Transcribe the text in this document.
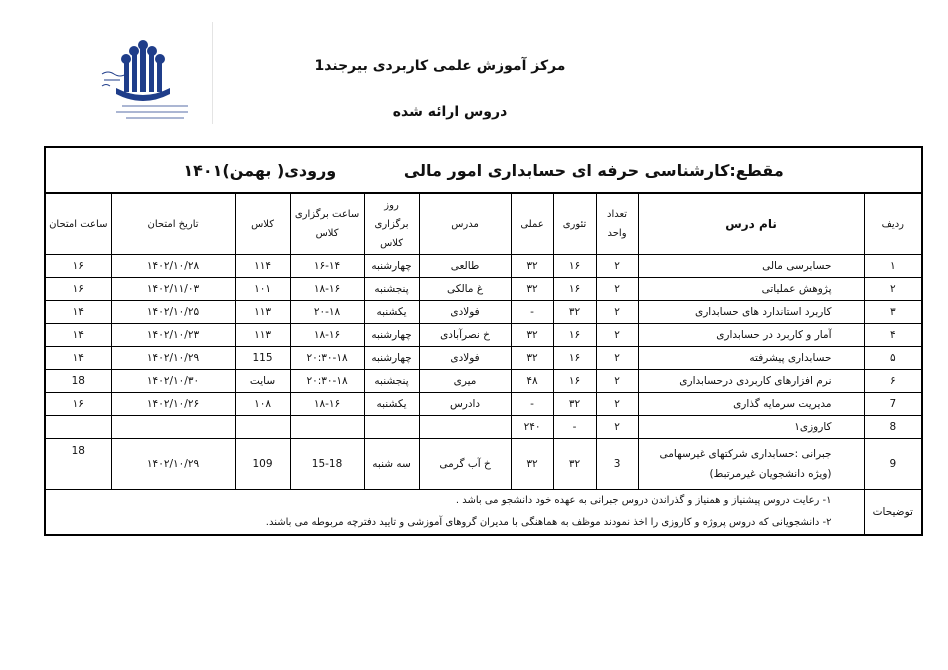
مرکز آموزش علمی کاربردی بیرجند1
دروس ارائه شده
مقطع:کارشناسی حرفه ای حسابداری امور مالی ورودی( بهمن)۱۴۰۱										
ردیف	نام درس	تعداد واحد	تئوری	عملی	مدرس	روز برگزاری کلاس	ساعت برگزاری کلاس	کلاس	تاریخ امتحان	ساعت امتحان
۱	حسابرسی مالی	۲	۱۶	۳۲	طالعی	چهارشنبه	۱۶-۱۴	۱۱۴	۱۴۰۲/۱۰/۲۸	۱۶
۲	پژوهش عملیاتی	۲	۱۶	۳۲	غ مالکی	پنجشنبه	۱۸-۱۶	۱۰۱	۱۴۰۲/۱۱/۰۳	۱۶
۳	کاربرد استاندارد های حسابداری	۲	۳۲	-	فولادی	یکشنبه	۲۰-۱۸	۱۱۳	۱۴۰۲/۱۰/۲۵	۱۴
۴	آمار و کاربرد در حسابداری	۲	۱۶	۳۲	خ نصرآبادی	چهارشنبه	۱۸-۱۶	۱۱۳	۱۴۰۲/۱۰/۲۳	۱۴
۵	حسابداری پیشرفته	۲	۱۶	۳۲	فولادی	چهارشنبه	۲۰:۳۰-۱۸	115	۱۴۰۲/۱۰/۲۹	۱۴
۶	نرم افزارهای کاربردی درحسابداری	۲	۱۶	۴۸	میری	پنجشنبه	۲۰:۳۰-۱۸	سایت	۱۴۰۲/۱۰/۳۰	18
7	مدیریت سرمایه گذاری	۲	۳۲	-	دادرس	یکشنبه	۱۸-۱۶	۱۰۸	۱۴۰۲/۱۰/۲۶	۱۶
8	کاروزی۱	۲	-	۲۴۰						
9	جبرانی :حسابداری شرکتهای غیرسهامی
(ویژه دانشجویان غیرمرتبط)	3	۳۲	۳۲	خ آب گرمی	سه شنبه	15-18	109	۱۴۰۲/۱۰/۲۹	18
توضیحات	۱- رعایت دروس پیشنیاز و همنیاز و گذراندن دروس جبرانی به عهده خود دانشجو می باشد .
۲- دانشجویانی که دروس پروژه و کاروزی را اخذ نمودند موظف به هماهنگی با مدیران گروهای آموزشی و تایید دفترچه مربوطه می باشند.									
